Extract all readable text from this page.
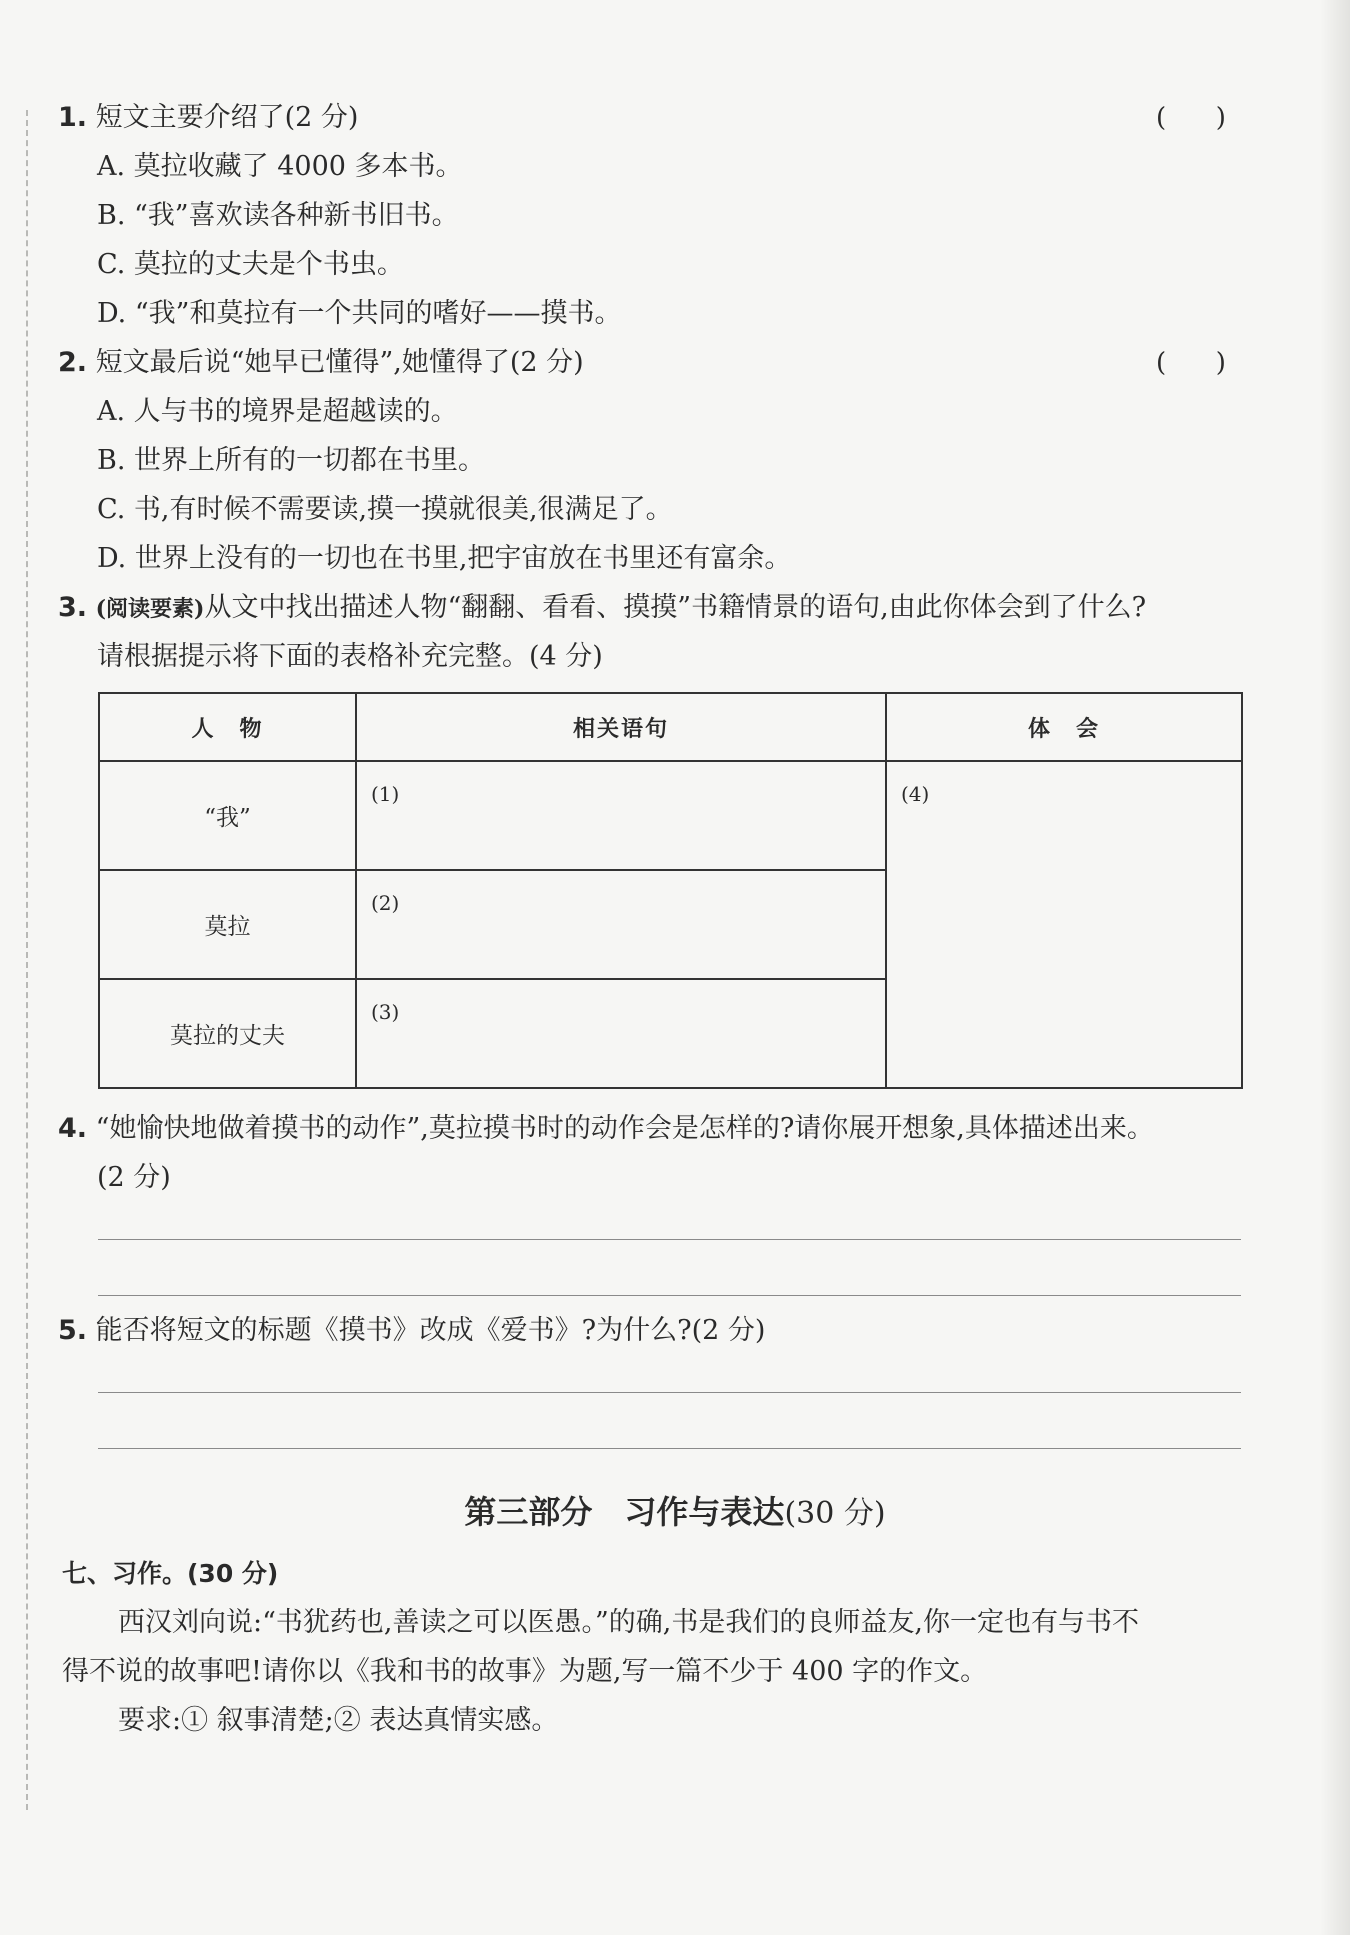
1. 短文主要介绍了(2 分)	(      )
A. 莫拉收藏了 4000 多本书。
B. “我”喜欢读各种新书旧书。
C. 莫拉的丈夫是个书虫。
D. “我”和莫拉有一个共同的嗜好——摸书。
2. 短文最后说“她早已懂得”,她懂得了(2 分)	(      )
A. 人与书的境界是超越读的。
B. 世界上所有的一切都在书里。
C. 书,有时候不需要读,摸一摸就很美,很满足了。
D. 世界上没有的一切也在书里,把宇宙放在书里还有富余。
3. (阅读要素)从文中找出描述人物“翻翻、看看、摸摸”书籍情景的语句,由此你体会到了什么?
请根据提示将下面的表格补充完整。(4 分)
人　物	相关语句	体　会
“我”	(1)	(4)

莫拉	(2)	

莫拉的丈夫	(3)	
4. “她愉快地做着摸书的动作”,莫拉摸书时的动作会是怎样的?请你展开想象,具体描述出来。
(2 分)
5. 能否将短文的标题《摸书》改成《爱书》?为什么?(2 分)
第三部分　习作与表达(30 分)
七、习作。(30 分)
西汉刘向说:“书犹药也,善读之可以医愚。”的确,书是我们的良师益友,你一定也有与书不
得不说的故事吧!请你以《我和书的故事》为题,写一篇不少于 400 字的作文。
要求:① 叙事清楚;② 表达真情实感。
